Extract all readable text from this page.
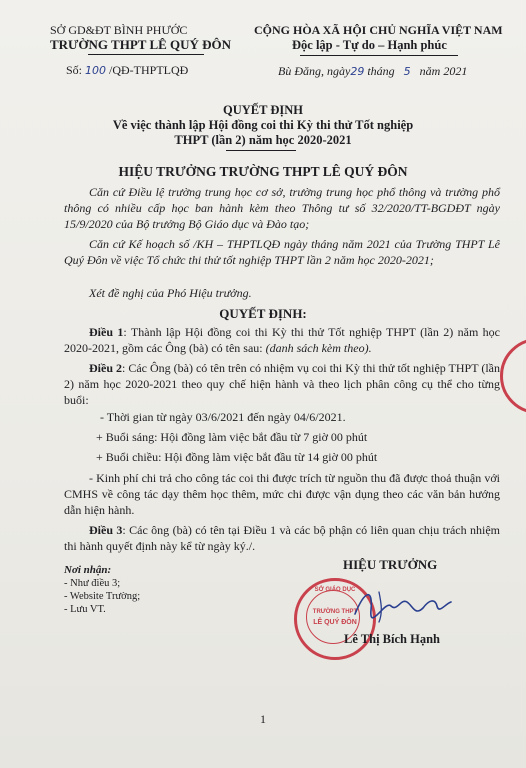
SỞ GD&ĐT BÌNH PHƯỚC
TRƯỜNG THPT LÊ QUÝ ĐÔN
Số: 100 /QĐ-THPTLQĐ
CỘNG HÒA XÃ HỘI CHỦ NGHĨA VIỆT NAM
Độc lập - Tự do – Hạnh phúc
Bù Đăng, ngày29 tháng 5 năm 2021
QUYẾT ĐỊNH
Về việc thành lập Hội đồng coi thi Kỳ thi thử Tốt nghiệp
THPT (lần 2) năm học 2020-2021
HIỆU TRƯỞNG TRƯỜNG THPT LÊ QUÝ ĐÔN
Căn cứ Điều lệ trường trung học cơ sở, trường trung học phổ thông và trường phổ thông có nhiều cấp học ban hành kèm theo Thông tư số 32/2020/TT-BGDĐT ngày 15/9/2020 của Bộ trưởng Bộ Giáo dục và Đào tạo;
Căn cứ Kế hoạch số /KH – THPTLQĐ ngày tháng năm 2021 của Trường THPT Lê Quý Đôn về việc Tổ chức thi thử tốt nghiệp THPT lần 2 năm học 2020-2021;
Xét đề nghị của Phó Hiệu trưởng.
QUYẾT ĐỊNH:
Điều 1: Thành lập Hội đồng coi thi Kỳ thi thử Tốt nghiệp THPT (lần 2) năm học 2020-2021, gồm các Ông (bà) có tên sau: (danh sách kèm theo).
Điều 2: Các Ông (bà) có tên trên có nhiệm vụ coi thi Kỳ thi thử tốt nghiệp THPT (lần 2) năm học 2020-2021 theo quy chế hiện hành và theo lịch phân công cụ thể cho từng buổi:
- Thời gian từ ngày 03/6/2021 đến ngày 04/6/2021.
+ Buổi sáng: Hội đồng làm việc bắt đầu từ 7 giờ 00 phút
+ Buổi chiều: Hội đồng làm việc bắt đầu từ 14 giờ 00 phút
- Kinh phí chi trả cho công tác coi thi được trích từ nguồn thu đã được thoả thuận với CMHS về công tác dạy thêm học thêm, mức chi được vận dụng theo các văn bản hướng dẫn hiện hành.
Điều 3: Các ông (bà) có tên tại Điều 1 và các bộ phận có liên quan chịu trách nhiệm thi hành quyết định này kể từ ngày ký./.
Nơi nhận:
- Như điều 3;
- Website Trường;
- Lưu VT.
HIỆU TRƯỞNG
SỞ GIÁO DỤC
TRƯỜNG THPT
LÊ QUÝ ĐÔN
Lê Thị Bích Hạnh
1
